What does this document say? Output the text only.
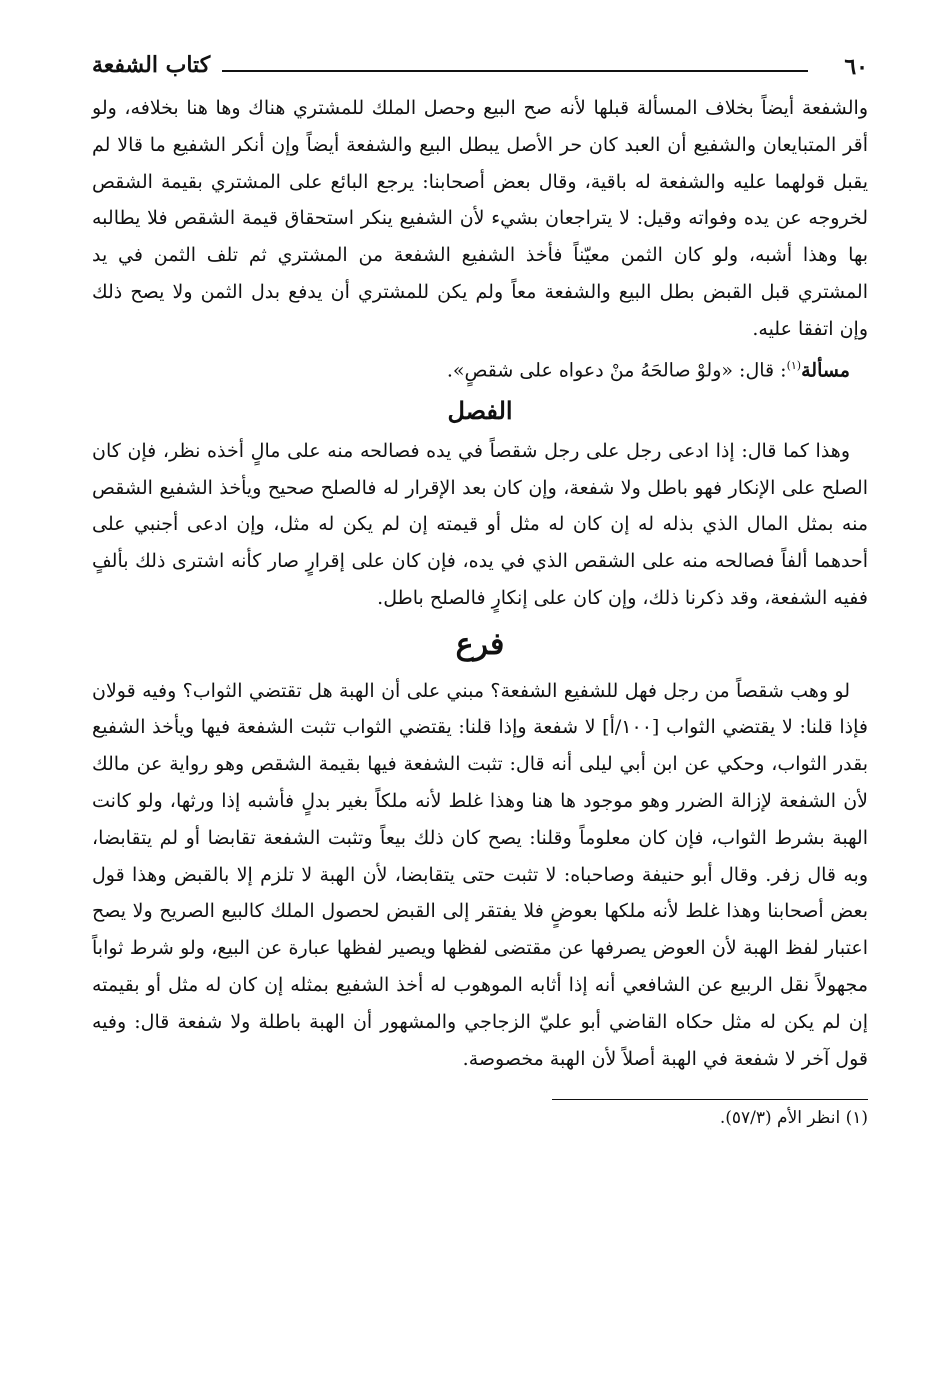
٦٠
كتاب الشفعة

والشفعة أيضاً بخلاف المسألة قبلها لأنه صح البيع وحصل الملك للمشتري هناك وها هنا بخلافه، ولو أقر المتبايعان والشفيع أن العبد كان حر الأصل يبطل البيع والشفعة أيضاً وإن أنكر الشفيع ما قالا لم يقبل قولهما عليه والشفعة له باقية، وقال بعض أصحابنا: يرجع البائع على المشتري بقيمة الشقص لخروجه عن يده وفواته وقيل: لا يتراجعان بشيء لأن الشفيع ينكر استحقاق قيمة الشقص فلا يطالبه بها وهذا أشبه، ولو كان الثمن معيّناً فأخذ الشفيع الشفعة من المشتري ثم تلف الثمن في يد المشتري قبل القبض بطل البيع والشفعة معاً ولم يكن للمشتري أن يدفع بدل الثمن ولا يصح ذلك وإن اتفقا عليه.

مسألة$^{(١)}$: قال: «ولوْ صالحَهُ منْ دعواه على شقصٍ».

الفصل

وهذا كما قال: إذا ادعى رجل على رجل شقصاً في يده فصالحه منه على مالٍ أخذه نظر، فإن كان الصلح على الإنكار فهو باطل ولا شفعة، وإن كان بعد الإقرار له فالصلح صحيح ويأخذ الشفيع الشقص منه بمثل المال الذي بذله له إن كان له مثل أو قيمته إن لم يكن له مثل، وإن ادعى أجنبي على أحدهما ألفاً فصالحه منه على الشقص الذي في يده، فإن كان على إقرارٍ صار كأنه اشترى ذلك بألفٍ ففيه الشفعة، وقد ذكرنا ذلك، وإن كان على إنكارٍ فالصلح باطل.

فرع

لو وهب شقصاً من رجل فهل للشفيع الشفعة؟ مبني على أن الهبة هل تقتضي الثواب؟ وفيه قولان فإذا قلنا: لا يقتضي الثواب [١٠٠/أ] لا شفعة وإذا قلنا: يقتضي الثواب تثبت الشفعة فيها ويأخذ الشفيع بقدر الثواب، وحكي عن ابن أبي ليلى أنه قال: تثبت الشفعة فيها بقيمة الشقص وهو رواية عن مالك لأن الشفعة لإزالة الضرر وهو موجود ها هنا وهذا غلط لأنه ملكاً بغير بدلٍ فأشبه إذا ورثها، ولو كانت الهبة بشرط الثواب، فإن كان معلوماً وقلنا: يصح كان ذلك بيعاً وتثبت الشفعة تقابضا أو لم يتقابضا، وبه قال زفر. وقال أبو حنيفة وصاحباه: لا تثبت حتى يتقابضا، لأن الهبة لا تلزم إلا بالقبض وهذا قول بعض أصحابنا وهذا غلط لأنه ملكها بعوضٍ فلا يفتقر إلى القبض لحصول الملك كالبيع الصريح ولا يصح اعتبار لفظ الهبة لأن العوض يصرفها عن مقتضى لفظها ويصير لفظها عبارة عن البيع، ولو شرط ثواباً مجهولاً نقل الربيع عن الشافعي أنه إذا أثابه الموهوب له أخذ الشفيع بمثله إن كان له مثل أو بقيمته إن لم يكن له مثل حكاه القاضي أبو عليّ الزجاجي والمشهور أن الهبة باطلة ولا شفعة قال: وفيه قول آخر لا شفعة في الهبة أصلاً لأن الهبة مخصوصة.

(١) انظر الأم (٥٧/٣).
